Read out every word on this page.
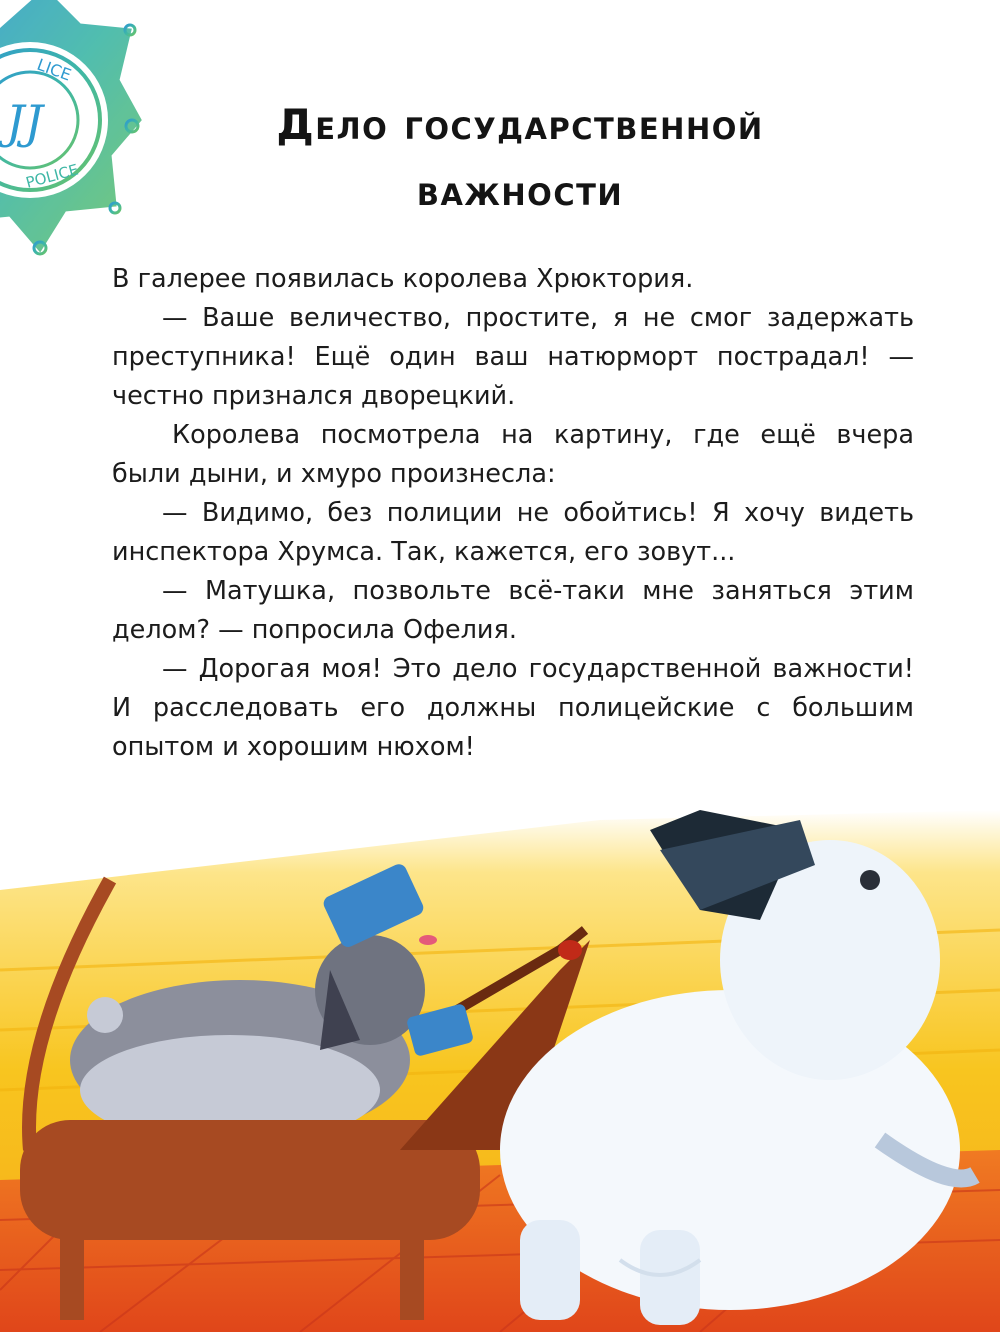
LICE
POLICE
JJ	Дело государственной
важности

В галерее появилась королева Хрюктория.

— Ваше величество, простите, я не смог задержать преступника! Ещё один ваш натюрморт пострадал! — честно признался дворецкий.

Королева посмотрела на картину, где ещё вчера были дыни, и хмуро произнесла:

— Видимо, без полиции не обойтись! Я хочу видеть инспектора Хрумса. Так, кажется, его зовут...

— Матушка, позвольте всё-таки мне заняться этим делом? — попросила Офелия.

— Дорогая моя! Это дело государственной важности! И расследовать его должны полицейские с большим опытом и хорошим нюхом!
